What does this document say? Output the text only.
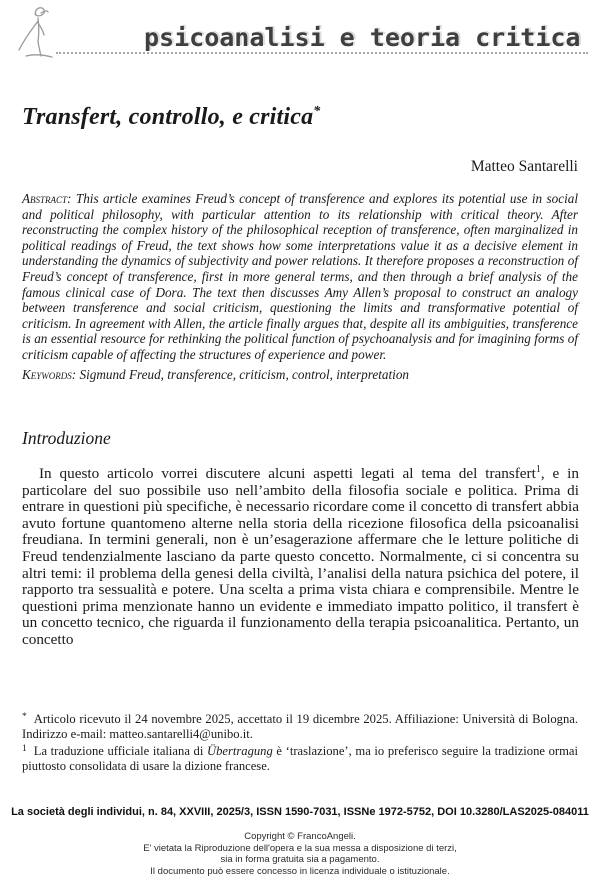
psicoanalisi e teoria critica
Transfert, controllo, e critica*
Matteo Santarelli

Abstract: This article examines Freud’s concept of transference and explores its potential use in social and political philosophy, with particular attention to its relationship with critical theory. After reconstructing the complex history of the philosophical reception of transference, often marginalized in political readings of Freud, the text shows how some interpretations value it as a decisive element in understanding the dynamics of subjectivity and power relations. It therefore proposes a reconstruction of Freud’s concept of transference, first in more general terms, and then through a brief analysis of the famous clinical case of Dora. The text then discusses Amy Allen’s proposal to construct an analogy between transference and social criticism, questioning the limits and transformative potential of criticism. In agreement with Allen, the article finally argues that, despite all its ambiguities, transference is an essential resource for rethinking the political function of psychoanalysis and for imagining forms of criticism capable of affecting the structures of experience and power.

Keywords: Sigmund Freud, transference, criticism, control, interpretation

Introduzione

In questo articolo vorrei discutere alcuni aspetti legati al tema del transfert$^1$, e in particolare del suo possibile uso nell’ambito della filosofia sociale e politica. Prima di entrare in questioni più specifiche, è necessario ricordare come il concetto di transfert abbia avuto fortune quantomeno alterne nella storia della ricezione filosofica della psicoanalisi freudiana. In termini generali, non è un’esagerazione affermare che le letture politiche di Freud tendenzialmente lasciano da parte questo concetto. Normalmente, ci si concentra su altri temi: il problema della genesi della civiltà, l’analisi della natura psichica del potere, il rapporto tra sessualità e potere. Una scelta a prima vista chiara e comprensibile. Mentre le questioni prima menzionate hanno un evidente e immediato impatto politico, il transfert è un concetto tecnico, che riguarda il funzionamento della terapia psicoanalitica. Pertanto, un concetto

* Articolo ricevuto il 24 novembre 2025, accettato il 19 dicembre 2025. Affiliazione: Università di Bologna. Indirizzo e-mail: matteo.santarelli4@unibo.it.

$^1$ La traduzione ufficiale italiana di Übertragung è ‘traslazione’, ma io preferisco seguire la tradizione ormai piuttosto consolidata di usare la dizione francese.

La società degli individui, n. 84, XXVIII, 2025/3, ISSN 1590-7031, ISSNe 1972-5752, DOI 10.3280/LAS2025-084011
Copyright © FrancoAngeli.
E' vietata la Riproduzione dell'opera e la sua messa a disposizione di terzi,
sia in forma gratuita sia a pagamento.
Il documento può essere concesso in licenza individuale o istituzionale.
